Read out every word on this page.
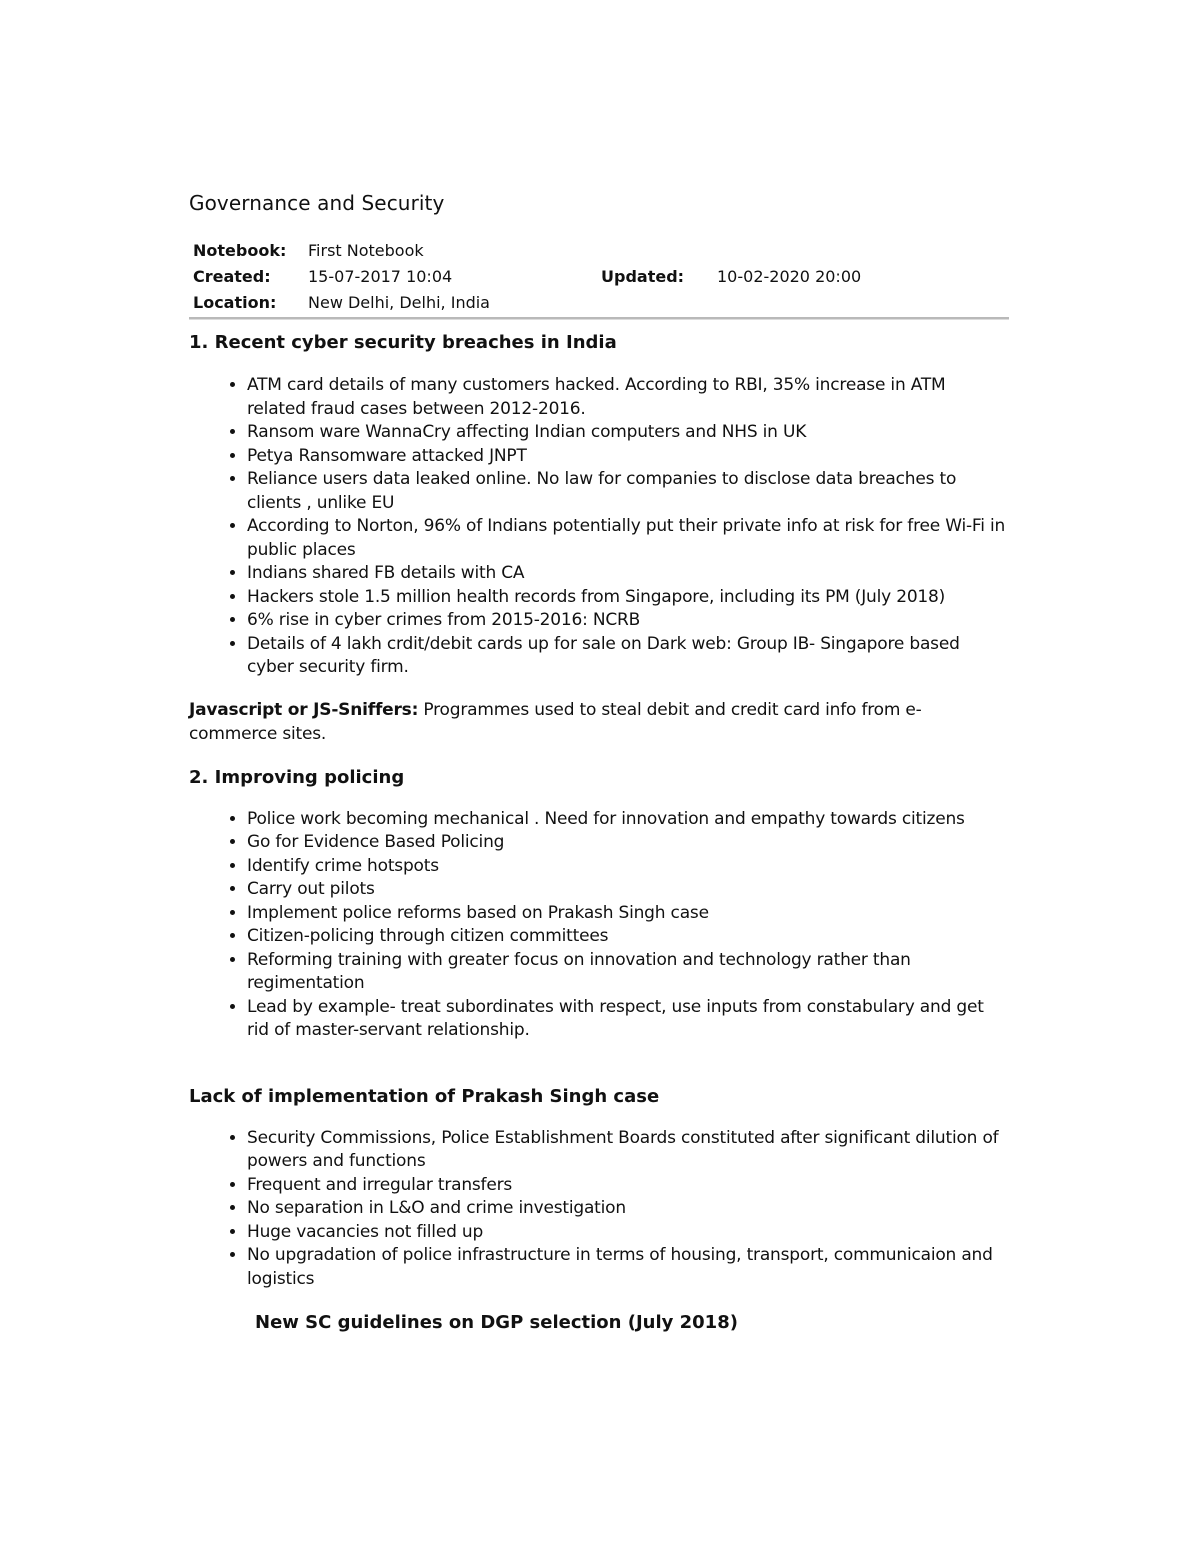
Governance and Security
Notebook: First Notebook
Created: 15-07-2017 10:04	Updated: 10-02-2020 20:00
Location: New Delhi, Delhi, India
1. Recent cyber security breaches in India
• ATM card details of many customers hacked. According to RBI, 35% increase in ATM related fraud cases between 2012-2016.
• Ransom ware WannaCry affecting Indian computers and NHS in UK
• Petya Ransomware attacked JNPT
• Reliance users data leaked online. No law for companies to disclose data breaches to clients , unlike EU
• According to Norton, 96% of Indians potentially put their private info at risk for free Wi-Fi in public places
• Indians shared FB details with CA
• Hackers stole 1.5 million health records from Singapore, including its PM (July 2018)
• 6% rise in cyber crimes from 2015-2016: NCRB
• Details of 4 lakh crdit/debit cards up for sale on Dark web: Group IB- Singapore based cyber security firm.

Javascript or JS-Sniffers: Programmes used to steal debit and credit card info from e-commerce sites.

2. Improving policing
• Police work becoming mechanical . Need for innovation and empathy towards citizens
• Go for Evidence Based Policing
• Identify crime hotspots
• Carry out pilots
• Implement police reforms based on Prakash Singh case
• Citizen-policing through citizen committees
• Reforming training with greater focus on innovation and technology rather than regimentation
• Lead by example- treat subordinates with respect, use inputs from constabulary and get rid of master-servant relationship.
Lack of implementation of Prakash Singh case
• Security Commissions, Police Establishment Boards constituted after significant dilution of powers and functions
• Frequent and irregular transfers
• No separation in L&O and crime investigation
• Huge vacancies not filled up
• No upgradation of police infrastructure in terms of housing, transport, communicaion and logistics
New SC guidelines on DGP selection (July 2018)
